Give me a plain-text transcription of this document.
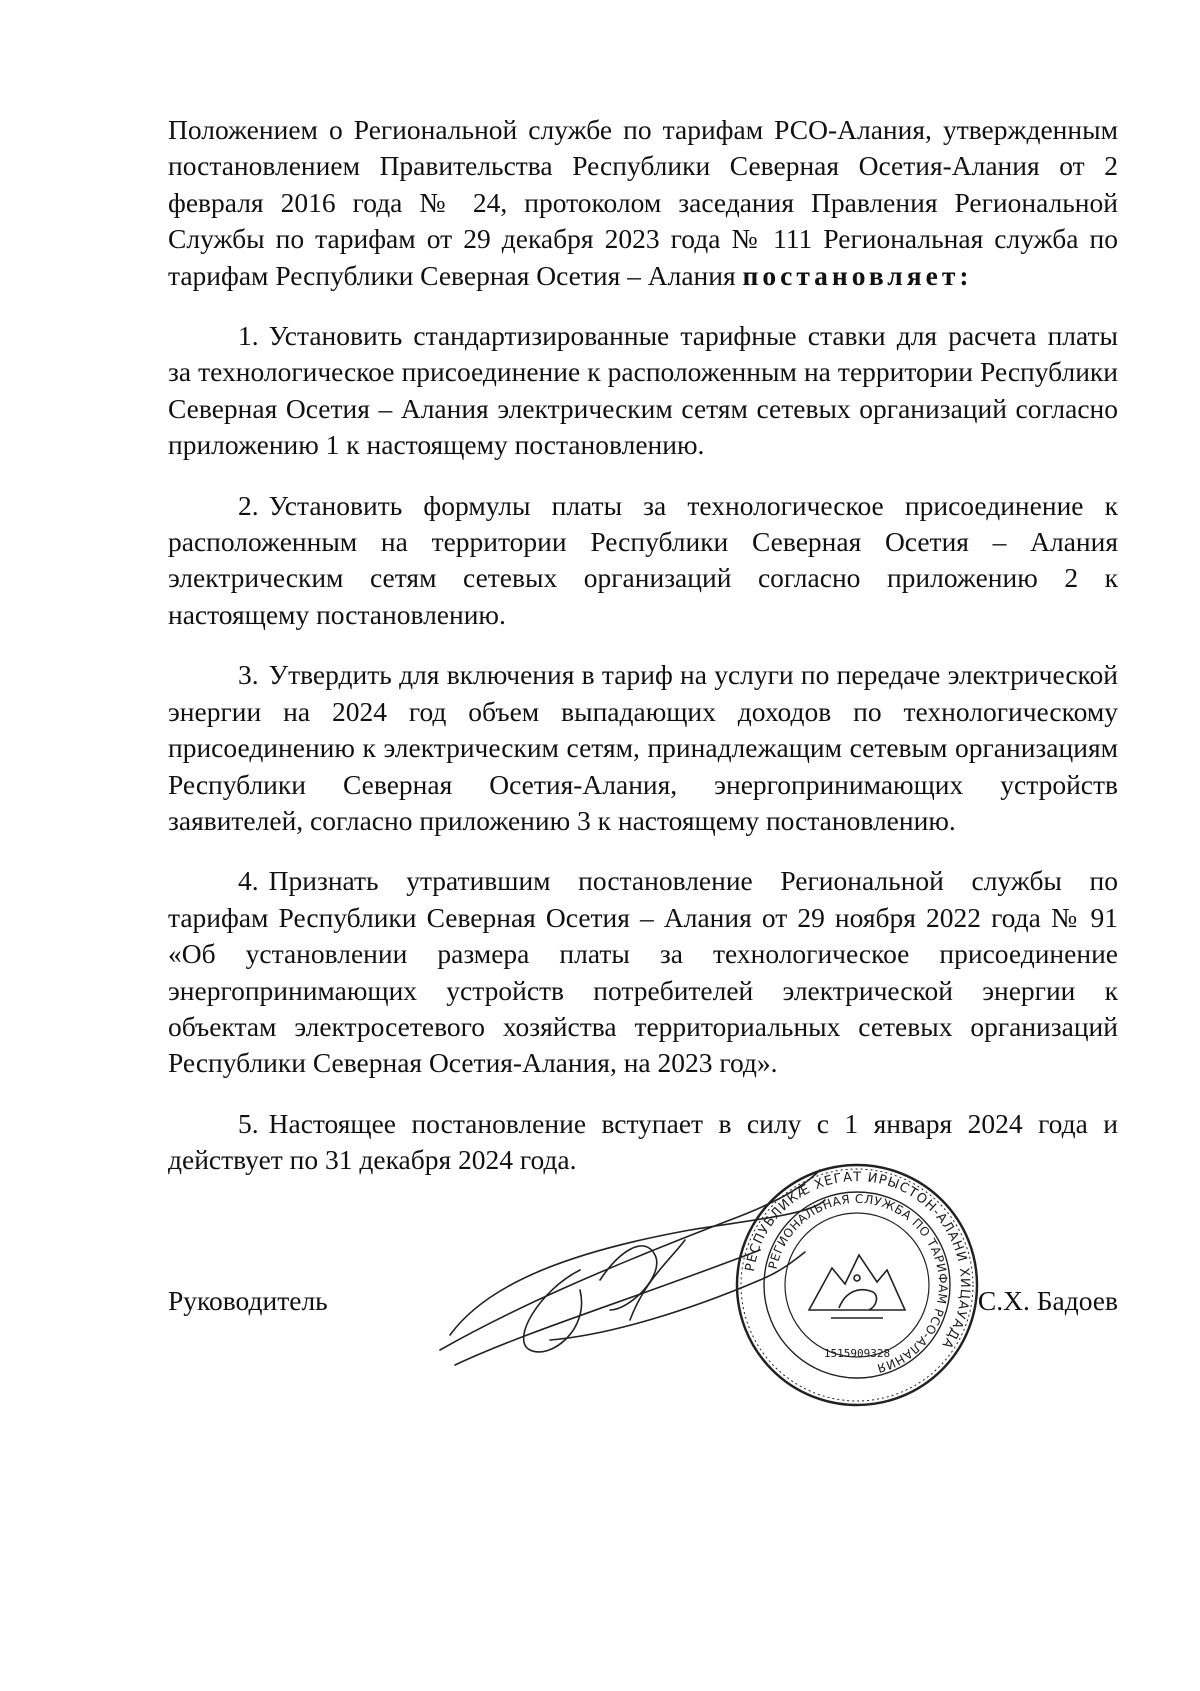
Положением о Региональной службе по тарифам РСО-Алания, утвержденным постановлением Правительства Республики Северная Осетия-Алания от 2 февраля 2016 года № 24, протоколом заседания Правления Региональной Службы по тарифам от 29 декабря 2023 года № 111 Региональная служба по тарифам Республики Северная Осетия – Алания постановляет:

1. Установить стандартизированные тарифные ставки для расчета платы за технологическое присоединение к расположенным на территории Республики Северная Осетия – Алания электрическим сетям сетевых организаций согласно приложению 1 к настоящему постановлению.

2. Установить формулы платы за технологическое присоединение к расположенным на территории Республики Северная Осетия – Алания электрическим сетям сетевых организаций согласно приложению 2 к настоящему постановлению.

3. Утвердить для включения в тариф на услуги по передаче электрической энергии на 2024 год объем выпадающих доходов по технологическому присоединению к электрическим сетям, принадлежащим сетевым организациям Республики Северная Осетия-Алания, энергопринимающих устройств заявителей, согласно приложению 3 к настоящему постановлению.

4. Признать утратившим постановление Региональной службы по тарифам Республики Северная Осетия – Алания от 29 ноября 2022 года № 91 «Об установлении размера платы за технологическое присоединение энергопринимающих устройств потребителей электрической энергии к объектам электросетевого хозяйства территориальных сетевых организаций Республики Северная Осетия-Алания, на 2023 год».

5. Настоящее постановление вступает в силу с 1 января 2024 года и действует по 31 декабря 2024 года.

РЕСПУБЛИКӔ ХЕГАТ ИРЫСТОН-АЛАНИ ХИЦАУАДА
РЕГИОНАЛЬНАЯ СЛУЖБА ПО ТАРИФАМ РСО-АЛАНИЯ
1515909328
Руководитель	С.Х. Бадоев
